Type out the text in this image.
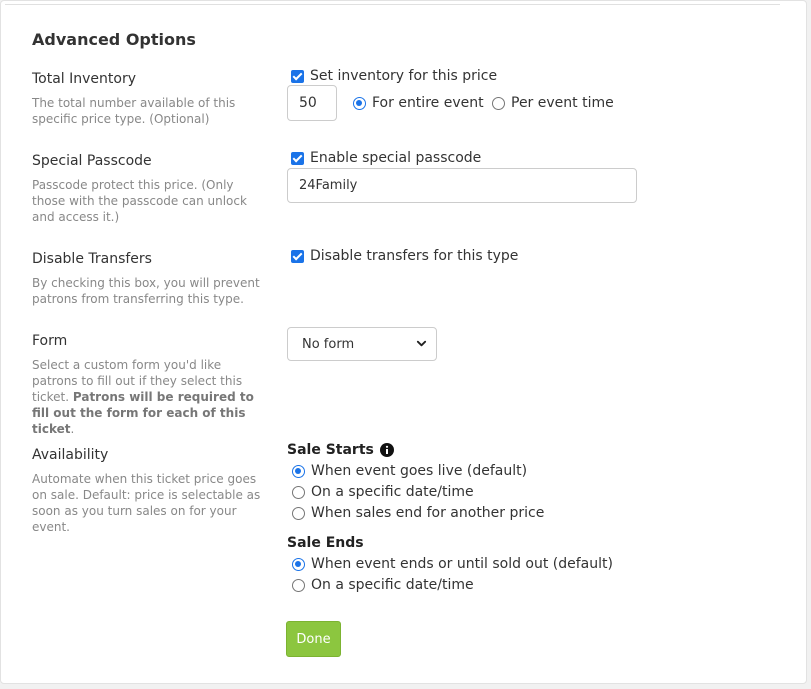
Advanced Options
Total Inventory
The total number available of this specific price type. (Optional)
Set inventory for this price
50	For entire event Per event time
Special Passcode
Passcode protect this price. (Only those with the passcode can unlock and access it.)
Enable special passcode
24Family
Disable Transfers
By checking this box, you will prevent patrons from transferring this type.
Disable transfers for this type
Form
Select a custom form you'd like patrons to fill out if they select this ticket. Patrons will be required to fill out the form for each of this ticket.
No form
Availability
Automate when this ticket price goes on sale. Default: price is selectable as soon as you turn sales on for your event.
Sale Starts
When event goes live (default)
On a specific date/time
When sales end for another price
Sale Ends
When event ends or until sold out (default)
On a specific date/time
Done
